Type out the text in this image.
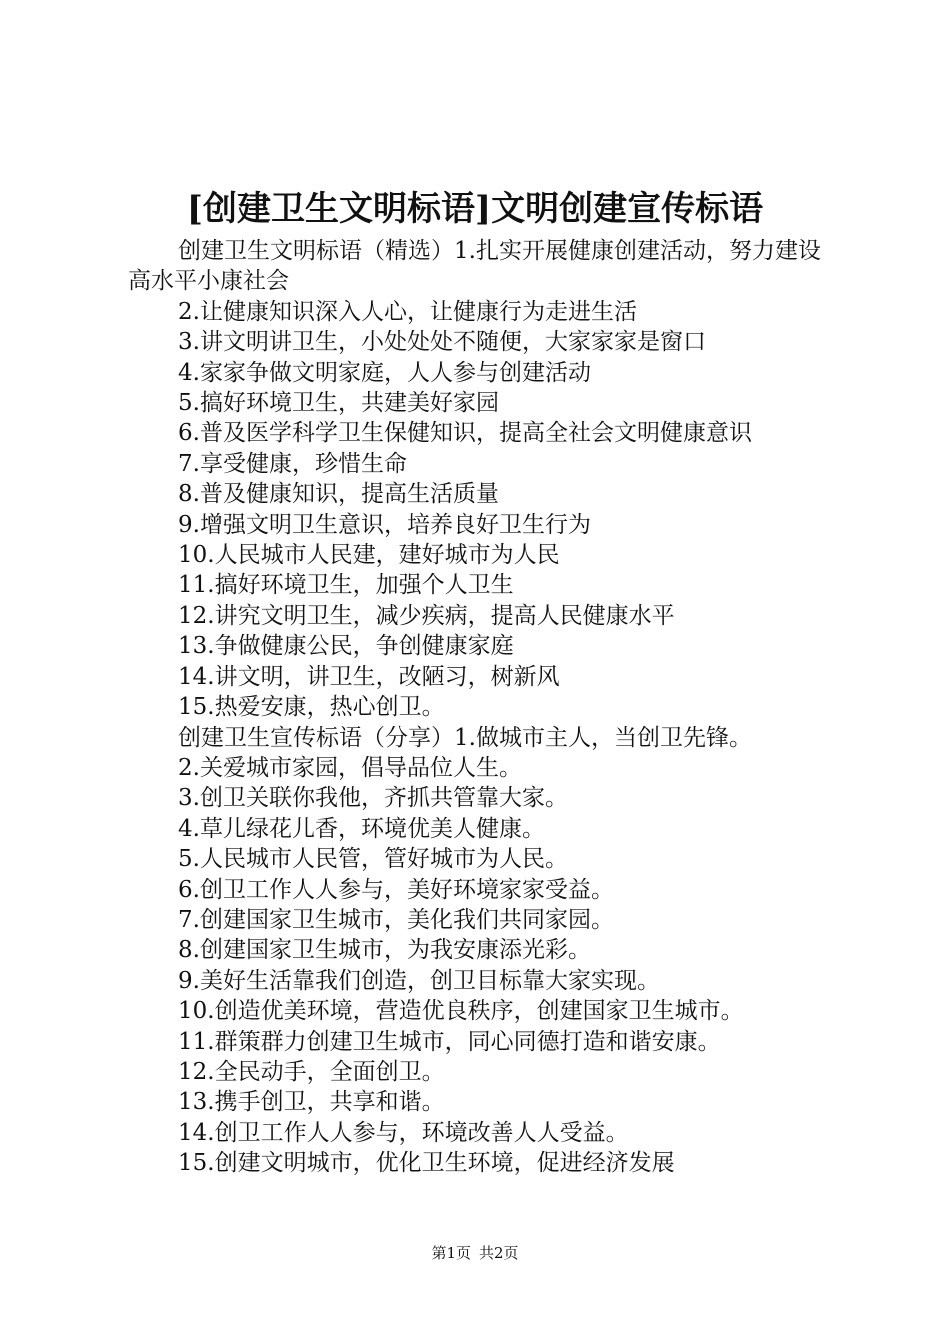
[创建卫生文明标语]文明创建宣传标语

创建卫生文明标语（精选）1.扎实开展健康创建活动，努力建设高水平小康社会

2.让健康知识深入人心，让健康行为走进生活

3.讲文明讲卫生，小处处处不随便，大家家家是窗口

4.家家争做文明家庭，人人参与创建活动

5.搞好环境卫生，共建美好家园

6.普及医学科学卫生保健知识，提高全社会文明健康意识

7.享受健康，珍惜生命

8.普及健康知识，提高生活质量

9.增强文明卫生意识，培养良好卫生行为

10.人民城市人民建，建好城市为人民

11.搞好环境卫生，加强个人卫生

12.讲究文明卫生，减少疾病，提高人民健康水平

13.争做健康公民，争创健康家庭

14.讲文明，讲卫生，改陋习，树新风

15.热爱安康，热心创卫。

创建卫生宣传标语（分享）1.做城市主人，当创卫先锋。

2.关爱城市家园，倡导品位人生。

3.创卫关联你我他，齐抓共管靠大家。

4.草儿绿花儿香，环境优美人健康。

5.人民城市人民管，管好城市为人民。

6.创卫工作人人参与，美好环境家家受益。

7.创建国家卫生城市，美化我们共同家园。

8.创建国家卫生城市，为我安康添光彩。

9.美好生活靠我们创造，创卫目标靠大家实现。

10.创造优美环境，营造优良秩序，创建国家卫生城市。

11.群策群力创建卫生城市，同心同德打造和谐安康。

12.全民动手，全面创卫。

13.携手创卫，共享和谐。

14.创卫工作人人参与，环境改善人人受益。

15.创建文明城市，优化卫生环境，促进经济发展

第1页 共2页
